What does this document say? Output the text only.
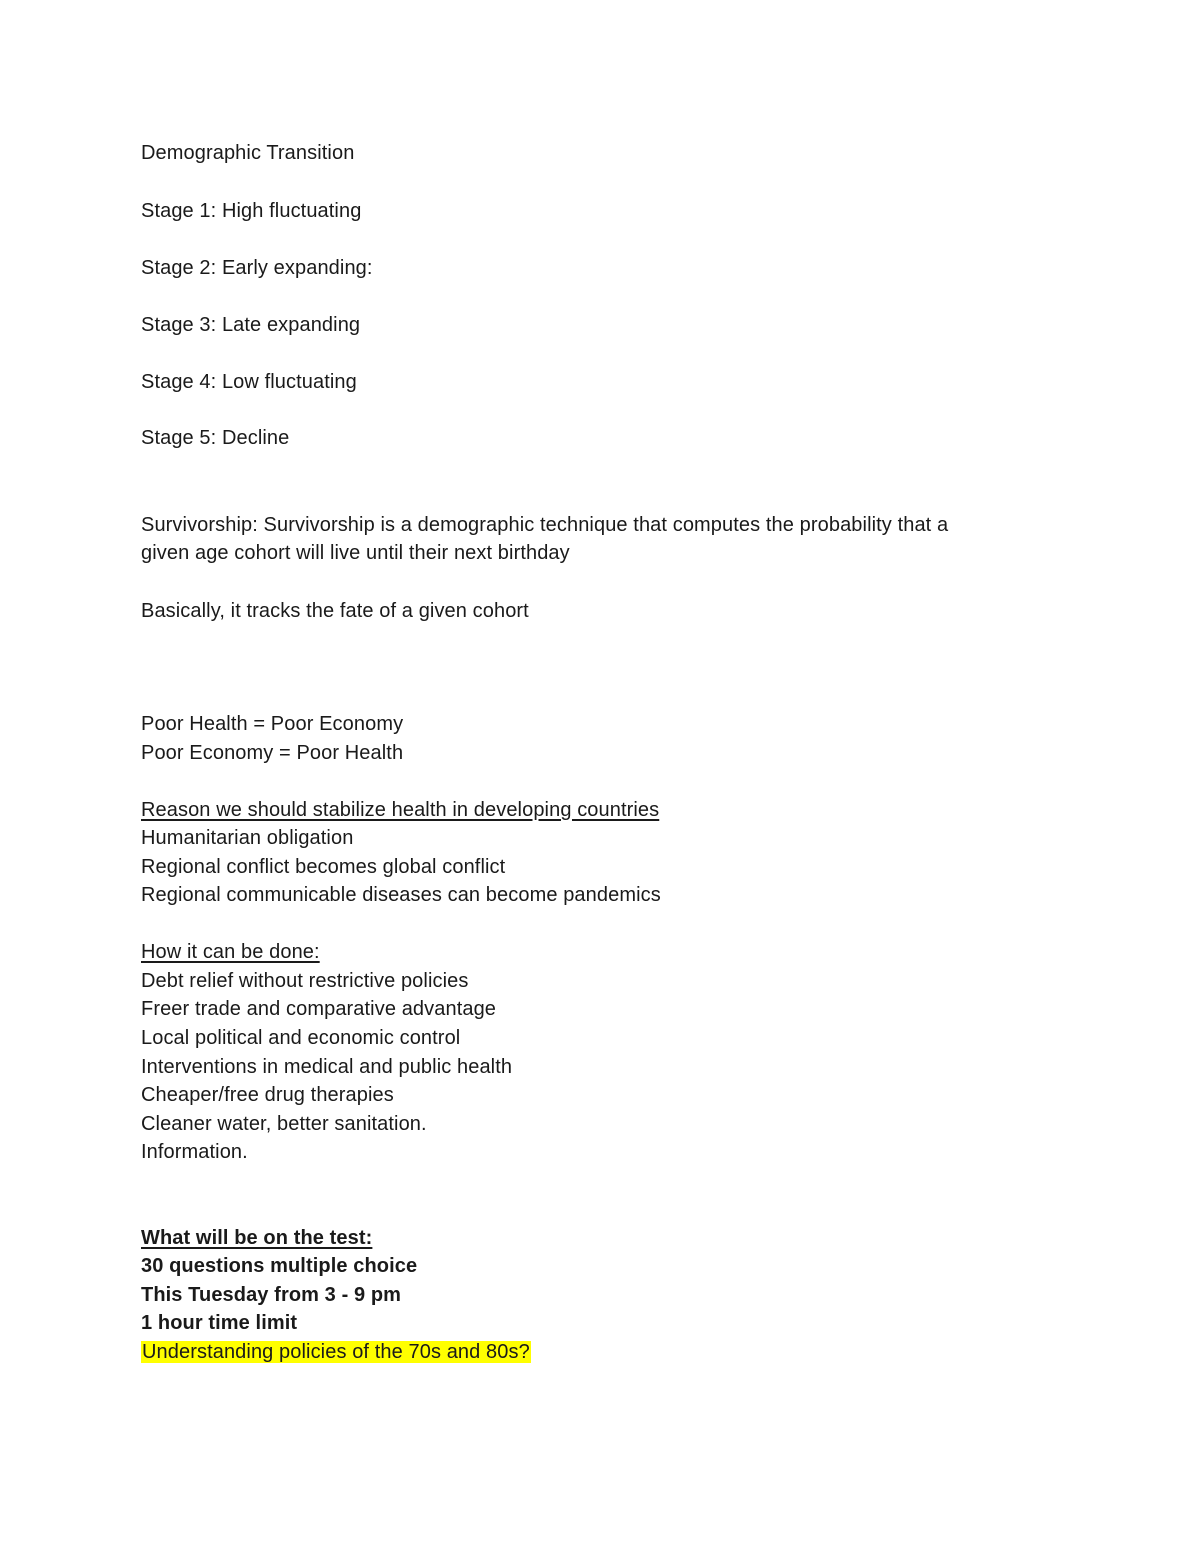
Demographic Transition
Stage 1: High fluctuating
Stage 2: Early expanding:
Stage 3: Late expanding
Stage 4: Low fluctuating
Stage 5: Decline
Survivorship: Survivorship is a demographic technique that computes the probability that a
given age cohort will live until their next birthday
Basically, it tracks the fate of a given cohort
Poor Health = Poor Economy
Poor Economy = Poor Health
Reason we should stabilize health in developing countries
Humanitarian obligation
Regional conflict becomes global conflict
Regional communicable diseases can become pandemics
How it can be done:
Debt relief without restrictive policies
Freer trade and comparative advantage
Local political and economic control
Interventions in medical and public health
Cheaper/free drug therapies
Cleaner water, better sanitation.
Information.
What will be on the test:
30 questions multiple choice
This Tuesday from 3 - 9 pm
1 hour time limit
Understanding policies of the 70s and 80s?
